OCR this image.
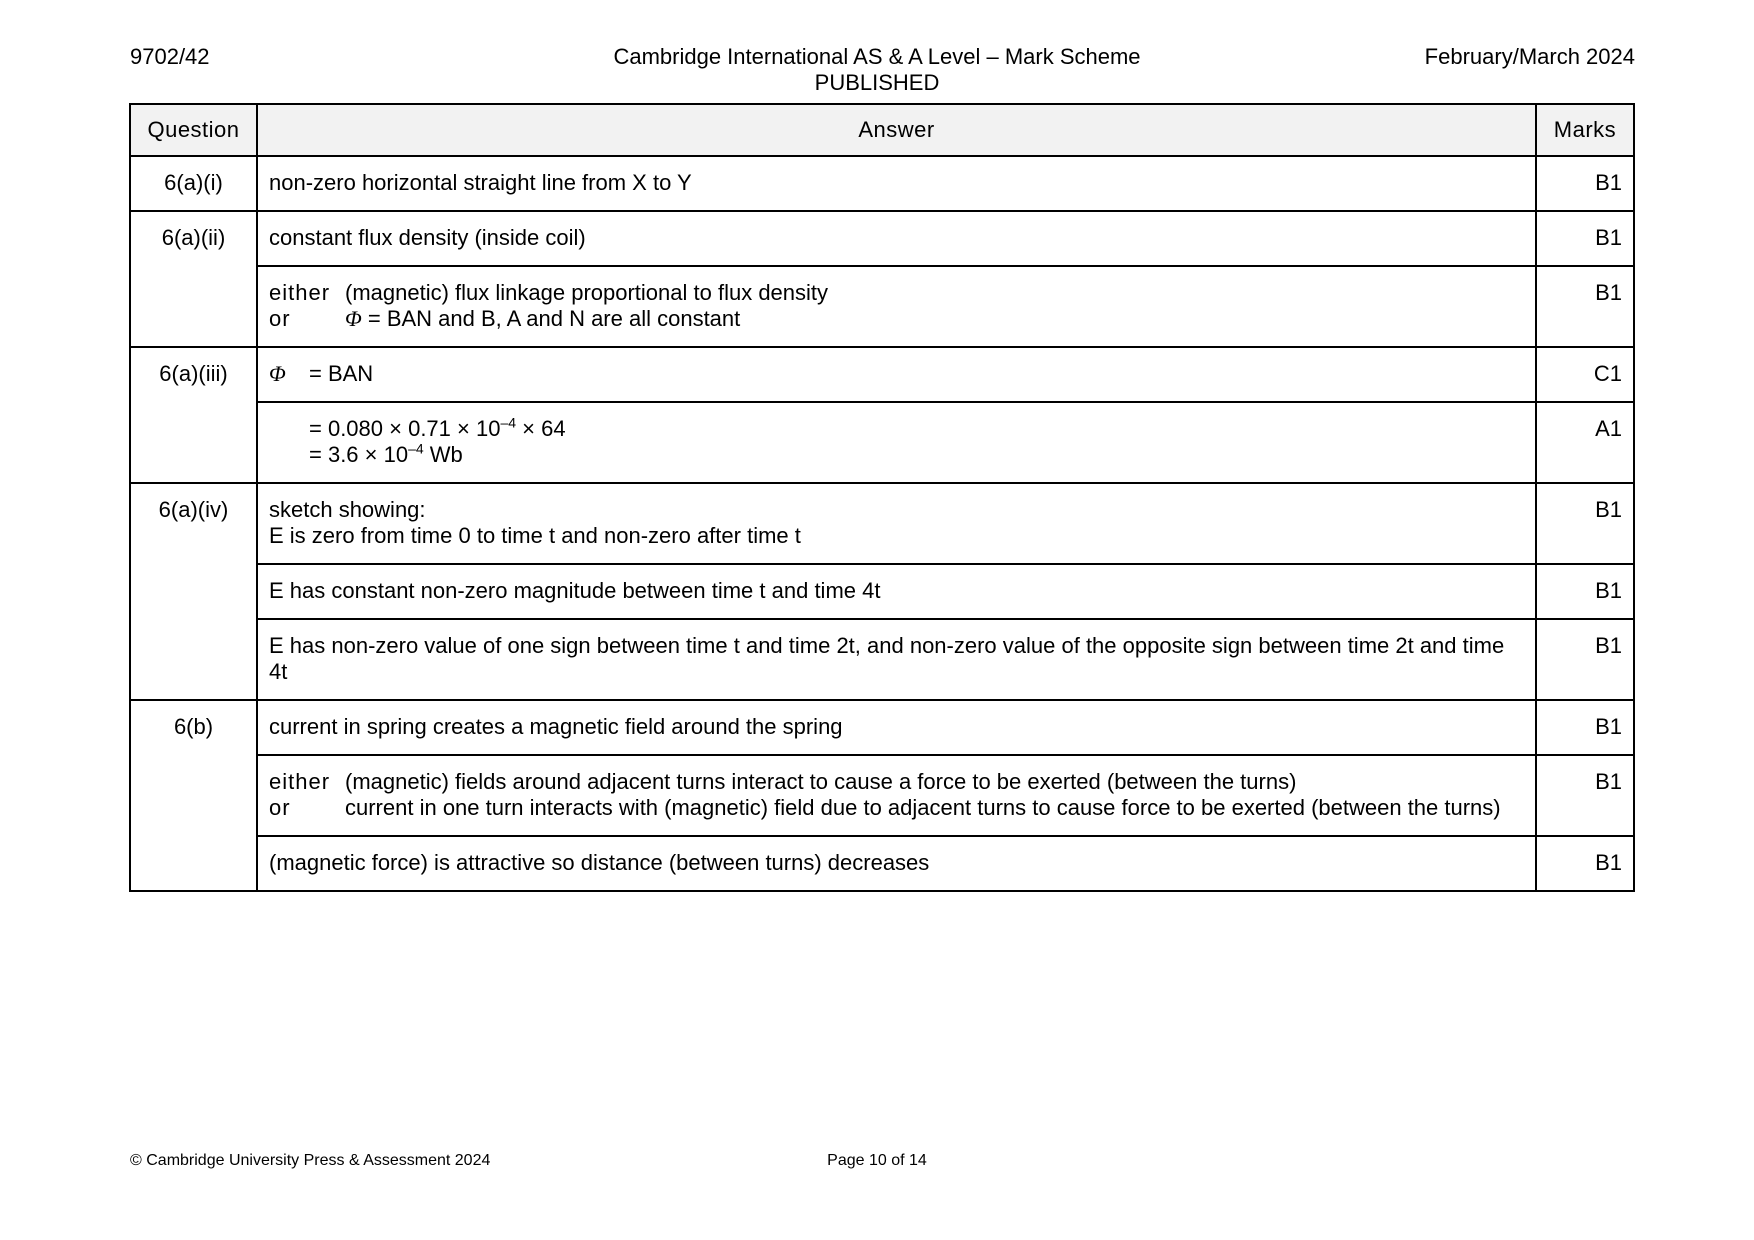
9702/42	Cambridge International AS & A Level – Mark Scheme
PUBLISHED
February/March 2024
Question	Answer	Marks
6(a)(i)	non-zero horizontal straight line from X to Y	B1
6(a)(ii)	constant flux density (inside coil)	B1

	either (magnetic) flux linkage proportional to flux density
or Φ = BAN and B, A and N are all constant	B1
6(a)(iii)	Φ = BAN	C1

	= $0.080 \times 0.71 \times 10^{-4} \times 64$
= $3.6 \times 10^{-4}$ Wb	A1
6(a)(iv)	sketch showing:
E is zero from time 0 to time t and non-zero after time t	B1
	E has constant non-zero magnitude between time t and time 4t	B1
	E has non-zero value of one sign between time t and time 2t, and non-zero value of the opposite sign between time 2t and time 4t	B1
6(b)	current in spring creates a magnetic field around the spring	B1

	either (magnetic) fields around adjacent turns interact to cause a force to be exerted (between the turns)
or current in one turn interacts with (magnetic) field due to adjacent turns to cause force to be exerted (between the turns)	B1
	(magnetic force) is attractive so distance (between turns) decreases	B1
© Cambridge University Press & Assessment 2024	Page 10 of 14
